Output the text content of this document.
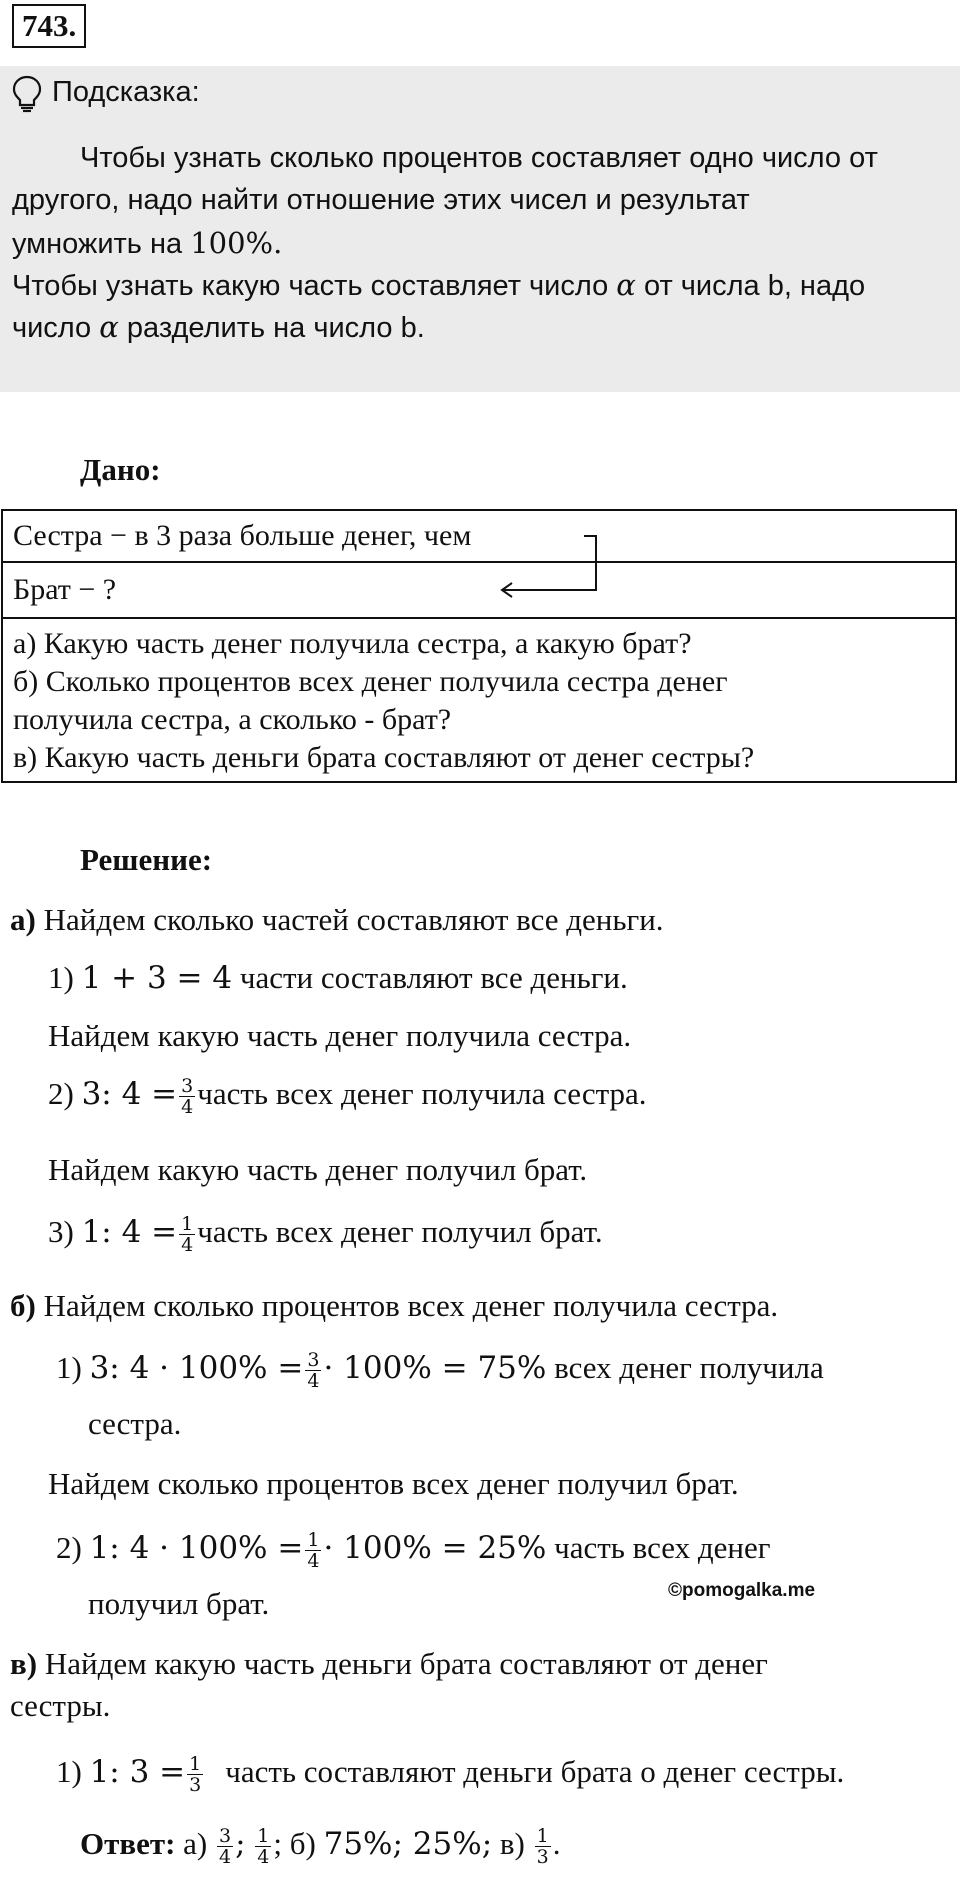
743.
Подсказка:
Чтобы узнать сколько процентов составляет одно число от
другого, надо найти отношение этих чисел и результат
умножить на 100%.
Чтобы узнать какую часть составляет число α от числа b, надо
число α разделить на число b.
Дано:
Сестра − в 3 раза больше денег, чем
Брат − ?

а) Какую часть денег получила сестра, а какую брат?
б) Сколько процентов всех денег получила сестра денег
получила сестра, а сколько - брат?
в) Какую часть деньги брата составляют от денег сестры?
Решение:
а) Найдем сколько частей составляют все деньги.
1) 1 + 3 = 4 части составляют все деньги.
Найдем какую часть денег получила сестра.
2) 3: $4 = \frac{3}{4}$ часть всех денег получила сестра.
Найдем какую часть денег получил брат.
3) 1: $4 = \frac{1}{4}$ часть всех денег получил брат.
б) Найдем сколько процентов всех денег получила сестра.
1) 3: $4 \cdot 100\% = \frac{3}{4} \cdot 100\% = 75\%$ всех денег получила
сестра.
Найдем сколько процентов всех денег получил брат.
2) 1: $4 \cdot 100\% = \frac{1}{4} \cdot 100\% = 25\%$ часть всех денег
получил брат.	©pomogalka.me
в) Найдем какую часть деньги брата составляют от денег
сестры.
1) 1: $3 = \frac{1}{3}$ часть составляют деньги брата о денег сестры.
Ответ: $а) \frac{3}{4}$ ; $\frac{1}{4}$ ; б) 75%; 25%; $в) \frac{1}{3}$ .
